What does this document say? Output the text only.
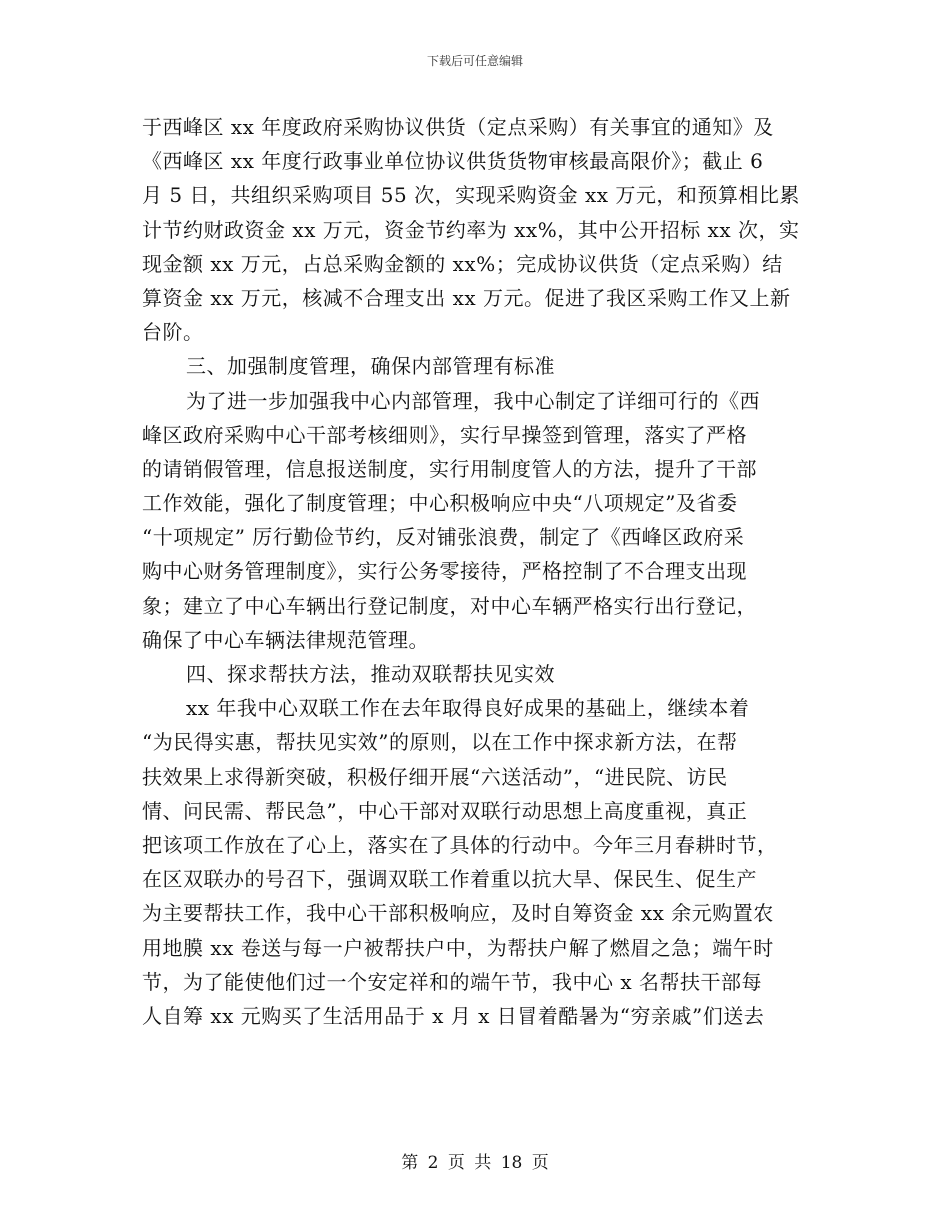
下载后可任意编辑
于西峰区 xx 年度政府采购协议供货（定点采购）有关事宜的通知》及
《西峰区 xx 年度行政事业单位协议供货货物审核最高限价》；截止 6
月 5 日，共组织采购项目 55 次，实现采购资金 xx 万元，和预算相比累
计节约财政资金 xx 万元，资金节约率为 xx%，其中公开招标 xx 次，实
现金额 xx 万元，占总采购金额的 xx%；完成协议供货（定点采购）结
算资金 xx 万元，核减不合理支出 xx 万元。促进了我区采购工作又上新
台阶。
三、加强制度管理，确保内部管理有标准
为了进一步加强我中心内部管理，我中心制定了详细可行的《西
峰区政府采购中心干部考核细则》，实行早操签到管理，落实了严格
的请销假管理，信息报送制度，实行用制度管人的方法，提升了干部
工作效能，强化了制度管理；中心积极响应中央“八项规定”及省委
“十项规定” 厉行勤俭节约，反对铺张浪费，制定了《西峰区政府采
购中心财务管理制度》，实行公务零接待，严格控制了不合理支出现
象；建立了中心车辆出行登记制度，对中心车辆严格实行出行登记，
确保了中心车辆法律规范管理。
四、探求帮扶方法，推动双联帮扶见实效
xx 年我中心双联工作在去年取得良好成果的基础上，继续本着
“为民得实惠，帮扶见实效”的原则，以在工作中探求新方法，在帮
扶效果上求得新突破，积极仔细开展“六送活动”，“进民院、访民
情、问民需、帮民急”，中心干部对双联行动思想上高度重视，真正
把该项工作放在了心上，落实在了具体的行动中。今年三月春耕时节，
在区双联办的号召下，强调双联工作着重以抗大旱、保民生、促生产
为主要帮扶工作，我中心干部积极响应，及时自筹资金 xx 余元购置农
用地膜 xx 卷送与每一户被帮扶户中，为帮扶户解了燃眉之急；端午时
节，为了能使他们过一个安定祥和的端午节，我中心 x 名帮扶干部每
人自筹 xx 元购买了生活用品于 x 月 x 日冒着酷暑为“穷亲戚”们送去
第 2 页 共 18 页
